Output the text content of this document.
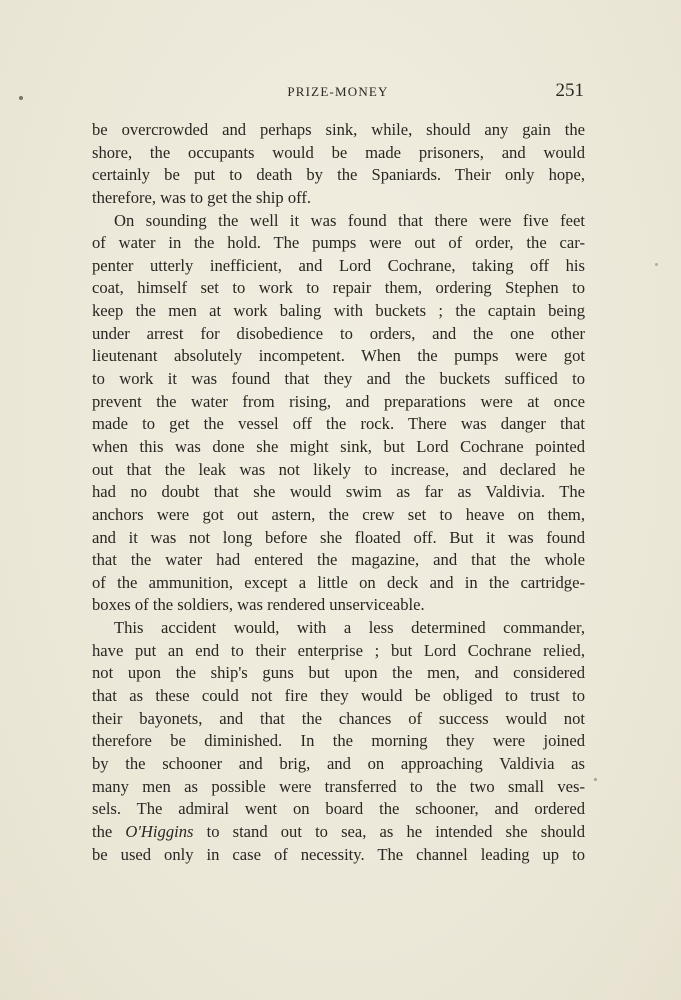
PRIZE-MONEY	251
be overcrowded and perhaps sink, while, should any gain the
shore, the occupants would be made prisoners, and would
certainly be put to death by the Spaniards. Their only hope,
therefore, was to get the ship off.
On sounding the well it was found that there were five feet
of water in the hold. The pumps were out of order, the car-
penter utterly inefficient, and Lord Cochrane, taking off his
coat, himself set to work to repair them, ordering Stephen to
keep the men at work baling with buckets ; the captain being
under arrest for disobedience to orders, and the one other
lieutenant absolutely incompetent. When the pumps were got
to work it was found that they and the buckets sufficed to
prevent the water from rising, and preparations were at once
made to get the vessel off the rock. There was danger that
when this was done she might sink, but Lord Cochrane pointed
out that the leak was not likely to increase, and declared he
had no doubt that she would swim as far as Valdivia. The
anchors were got out astern, the crew set to heave on them,
and it was not long before she floated off. But it was found
that the water had entered the magazine, and that the whole
of the ammunition, except a little on deck and in the cartridge-
boxes of the soldiers, was rendered unserviceable.
This accident would, with a less determined commander,
have put an end to their enterprise ; but Lord Cochrane relied,
not upon the ship's guns but upon the men, and considered
that as these could not fire they would be obliged to trust to
their bayonets, and that the chances of success would not
therefore be diminished. In the morning they were joined
by the schooner and brig, and on approaching Valdivia as
many men as possible were transferred to the two small ves-
sels. The admiral went on board the schooner, and ordered
the O'Higgins to stand out to sea, as he intended she should
be used only in case of necessity. The channel leading up to
